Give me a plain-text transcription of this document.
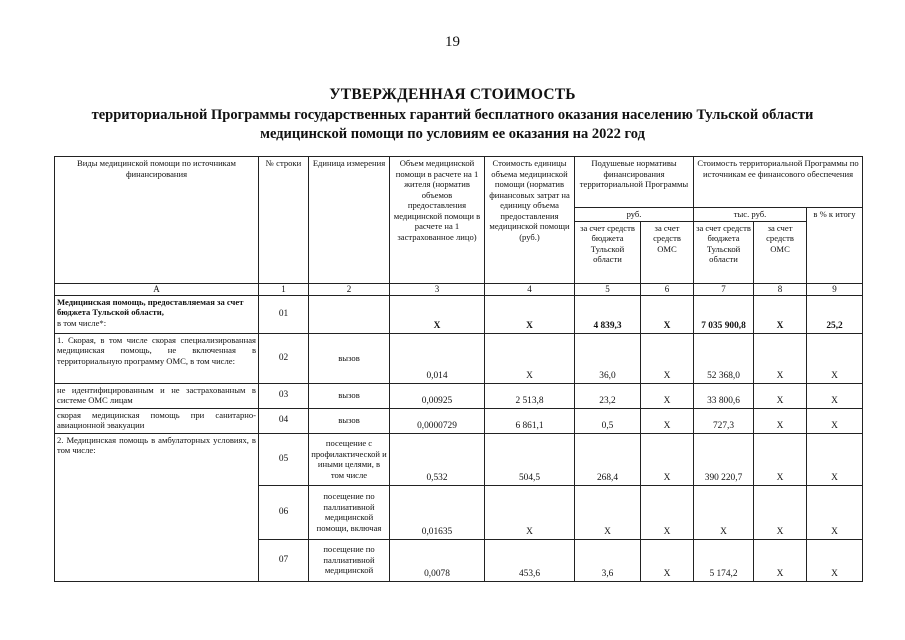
19
УТВЕРЖДЕННАЯ СТОИМОСТЬ
территориальной Программы государственных гарантий бесплатного оказания населению Тульской области
медицинской помощи по условиям ее оказания на 2022 год
Виды медицинской помощи по источникам финансирования	№ строки	Единица измерения	Объем медицинской помощи в расчете на 1 жителя (норматив объемов предоставления медицинской помощи в расчете на 1 застрахованное лицо)	Стоимость единицы объема медицинской помощи (норматив финансовых затрат на единицу объема предоставления медицинской помощи (руб.)	Подушевые нормативы финансирования территориальной Программы		Стоимость территориальной Программы по источникам ее финансового обеспечения		
					руб.		тыс. руб.		в % к итогу
					за счет средств бюджета Тульской области	за счет средств ОМС	за счет средств бюджета Тульской области	за счет средств ОМС	
А	1	2	3	4	5	6	7	8	9
Медицинская помощь, предоставляемая за счет бюджета Тульской области,
в том числе*:	01		Х	Х	4 839,3	Х	7 035 900,8	Х	25,2
1. Скорая, в том числе скорая специализированная медицинская помощь, не включенная в территориальную программу ОМС, в том числе:	02	вызов	0,014	Х	36,0	Х	52 368,0	Х	Х
не идентифицированным и не застрахованным в системе ОМС лицам	03	вызов	0,00925	2 513,8	23,2	Х	33 800,6	Х	Х
скорая медицинская помощь при санитарно-авиационной эвакуации	04	вызов	0,0000729	6 861,1	0,5	Х	727,3	Х	Х
2. Медицинская помощь в амбулаторных условиях, в том числе:	05	посещение с профилактической и иными целями, в том числе	0,532	504,5	268,4	Х	390 220,7	Х	Х
	06	посещение по паллиативной медицинской помощи, включая	0,01635	Х	Х	Х	Х	Х	Х
	07	посещение по паллиативной медицинской	0,0078	453,6	3,6	Х	5 174,2	Х	Х
